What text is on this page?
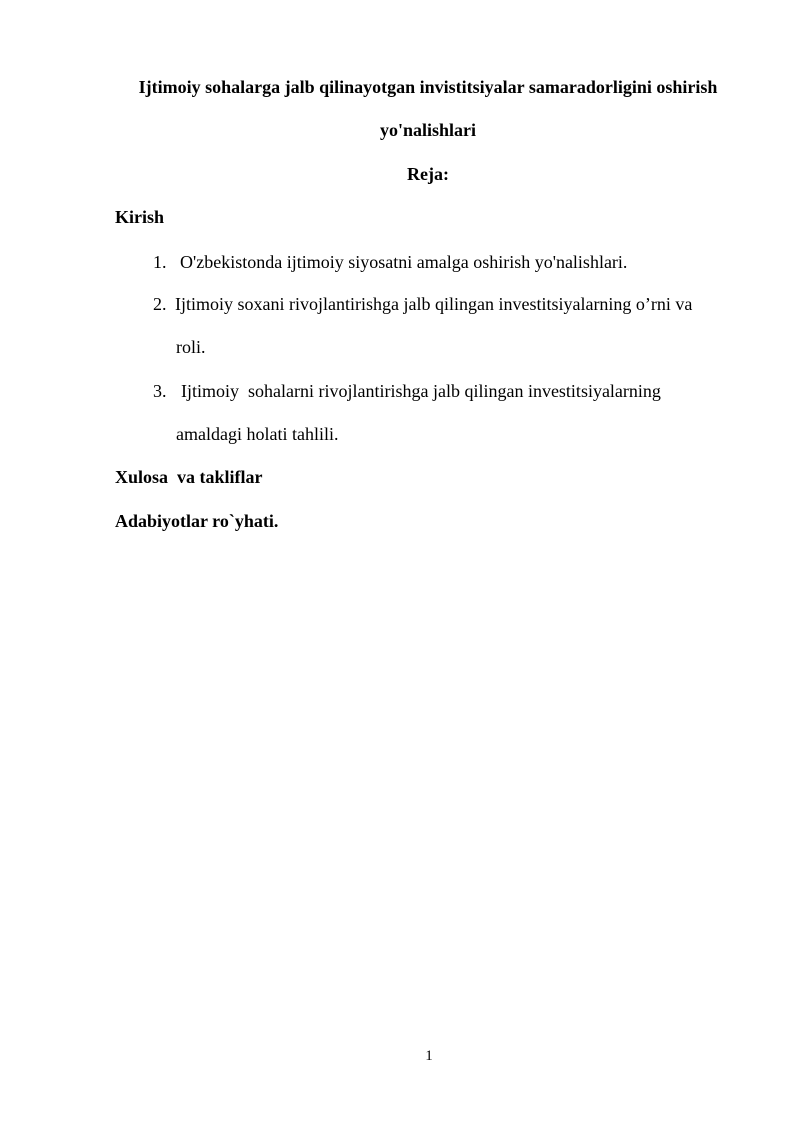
Ijtimoiy sohalarga jalb qilinayotgan invistitsiyalar samaradorligini oshirish
yo'nalishlari
Reja:
Kirish
1. O'zbekistonda ijtimoiy siyosatni amalga oshirish yo'nalishlari.
2. Ijtimoiy soxani rivojlantirishga jalb qilingan investitsiyalarning o’rni va
roli.
3. Ijtimoiy  sohalarni rivojlantirishga jalb qilingan investitsiyalarning
amaldagi holati tahlili.
Xulosa  va takliflar
Adabiyotlar ro`yhati.
1
